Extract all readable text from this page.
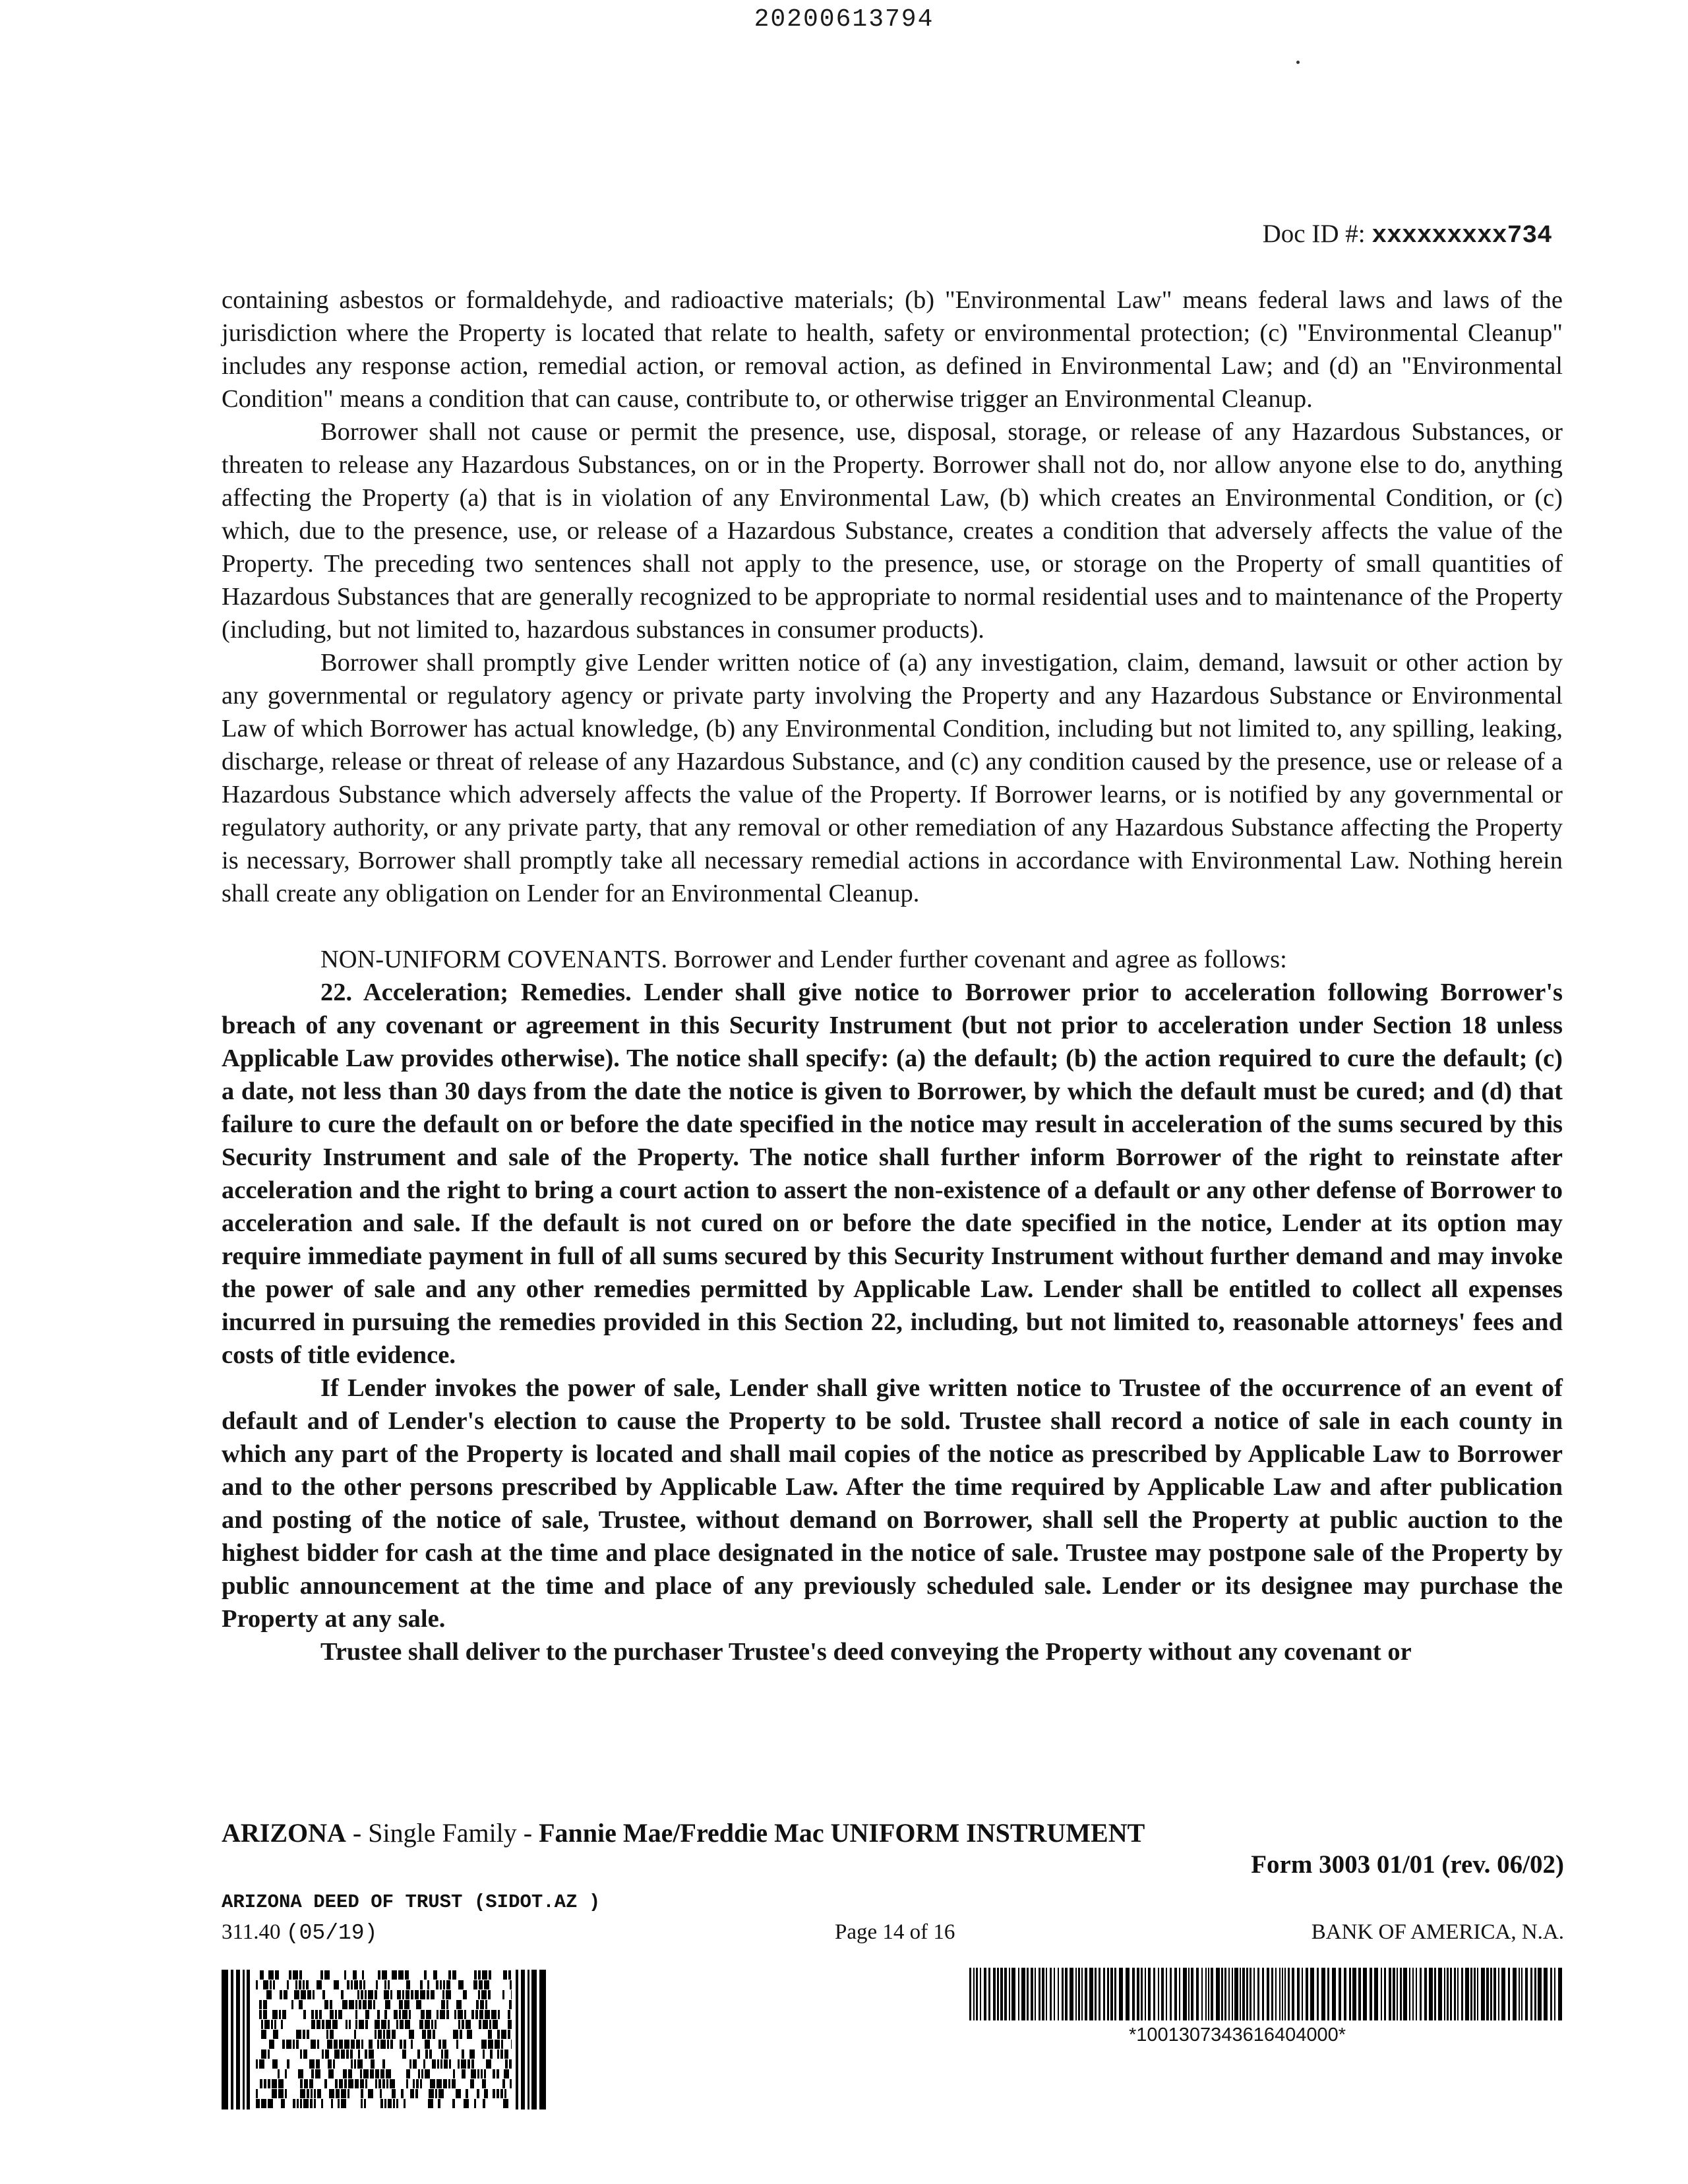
20200613794
Doc ID #: xxxxxxxxx734

containing asbestos or formaldehyde, and radioactive materials; (b) "Environmental Law" means federal laws and laws of the jurisdiction where the Property is located that relate to health, safety or environmental protection; (c) "Environmental Cleanup" includes any response action, remedial action, or removal action, as defined in Environmental Law; and (d) an "Environmental Condition" means a condition that can cause, contribute to, or otherwise trigger an Environmental Cleanup.

Borrower shall not cause or permit the presence, use, disposal, storage, or release of any Hazardous Substances, or threaten to release any Hazardous Substances, on or in the Property. Borrower shall not do, nor allow anyone else to do, anything affecting the Property (a) that is in violation of any Environmental Law, (b) which creates an Environmental Condition, or (c) which, due to the presence, use, or release of a Hazardous Substance, creates a condition that adversely affects the value of the Property. The preceding two sentences shall not apply to the presence, use, or storage on the Property of small quantities of Hazardous Substances that are generally recognized to be appropriate to normal residential uses and to maintenance of the Property (including, but not limited to, hazardous substances in consumer products).

Borrower shall promptly give Lender written notice of (a) any investigation, claim, demand, lawsuit or other action by any governmental or regulatory agency or private party involving the Property and any Hazardous Substance or Environmental Law of which Borrower has actual knowledge, (b) any Environmental Condition, including but not limited to, any spilling, leaking, discharge, release or threat of release of any Hazardous Substance, and (c) any condition caused by the presence, use or release of a Hazardous Substance which adversely affects the value of the Property. If Borrower learns, or is notified by any governmental or regulatory authority, or any private party, that any removal or other remediation of any Hazardous Substance affecting the Property is necessary, Borrower shall promptly take all necessary remedial actions in accordance with Environmental Law. Nothing herein shall create any obligation on Lender for an Environmental Cleanup.

NON-UNIFORM COVENANTS. Borrower and Lender further covenant and agree as follows:

22. Acceleration; Remedies. Lender shall give notice to Borrower prior to acceleration following Borrower's breach of any covenant or agreement in this Security Instrument (but not prior to acceleration under Section 18 unless Applicable Law provides otherwise). The notice shall specify: (a) the default; (b) the action required to cure the default; (c) a date, not less than 30 days from the date the notice is given to Borrower, by which the default must be cured; and (d) that failure to cure the default on or before the date specified in the notice may result in acceleration of the sums secured by this Security Instrument and sale of the Property. The notice shall further inform Borrower of the right to reinstate after acceleration and the right to bring a court action to assert the non-existence of a default or any other defense of Borrower to acceleration and sale. If the default is not cured on or before the date specified in the notice, Lender at its option may require immediate payment in full of all sums secured by this Security Instrument without further demand and may invoke the power of sale and any other remedies permitted by Applicable Law. Lender shall be entitled to collect all expenses incurred in pursuing the remedies provided in this Section 22, including, but not limited to, reasonable attorneys' fees and costs of title evidence.

If Lender invokes the power of sale, Lender shall give written notice to Trustee of the occurrence of an event of default and of Lender's election to cause the Property to be sold. Trustee shall record a notice of sale in each county in which any part of the Property is located and shall mail copies of the notice as prescribed by Applicable Law to Borrower and to the other persons prescribed by Applicable Law. After the time required by Applicable Law and after publication and posting of the notice of sale, Trustee, without demand on Borrower, shall sell the Property at public auction to the highest bidder for cash at the time and place designated in the notice of sale. Trustee may postpone sale of the Property by public announcement at the time and place of any previously scheduled sale. Lender or its designee may purchase the Property at any sale.

Trustee shall deliver to the purchaser Trustee's deed conveying the Property without any covenant or

ARIZONA - Single Family - Fannie Mae/Freddie Mac UNIFORM INSTRUMENT
Form 3003 01/01 (rev. 06/02)
ARIZONA DEED OF TRUST (SIDOT.AZ )
311.40 (05/19)	Page 14 of 16	BANK OF AMERICA, N.A.
*1001307343616404000*
